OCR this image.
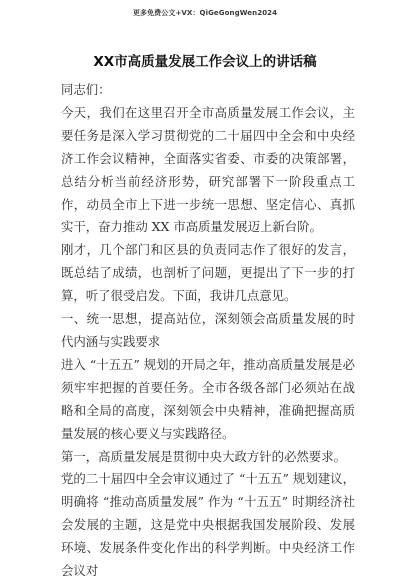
更多免费公文+VX：QiGeGongWen2024
XX市高质量发展工作会议上的讲话稿

同志们：

今天，我们在这里召开全市高质量发展工作会议，主要任务是深入学习贯彻党的二十届四中全会和中央经济工作会议精神，全面落实省委、市委的决策部署，总结分析当前经济形势，研究部署下一阶段重点工作，动员全市上下进一步统一思想、坚定信心、真抓实干，奋力推动 XX 市高质量发展迈上新台阶。

刚才，几个部门和区县的负责同志作了很好的发言，既总结了成绩，也剖析了问题，更提出了下一步的打算，听了很受启发。下面，我讲几点意见。

一、统一思想，提高站位，深刻领会高质量发展的时代内涵与实践要求

进入 “十五五” 规划的开局之年，推动高质量发展是必须牢牢把握的首要任务。全市各级各部门必须站在战略和全局的高度，深刻领会中央精神，准确把握高质量发展的核心要义与实践路径。

第一，高质量发展是贯彻中央大政方针的必然要求。

党的二十届四中全会审议通过了 “十五五” 规划建议，明确将 “推动高质量发展” 作为 “十五五” 时期经济社会发展的主题，这是党中央根据我国发展阶段、发展环境、发展条件变化作出的科学判断。中央经济工作会议对
